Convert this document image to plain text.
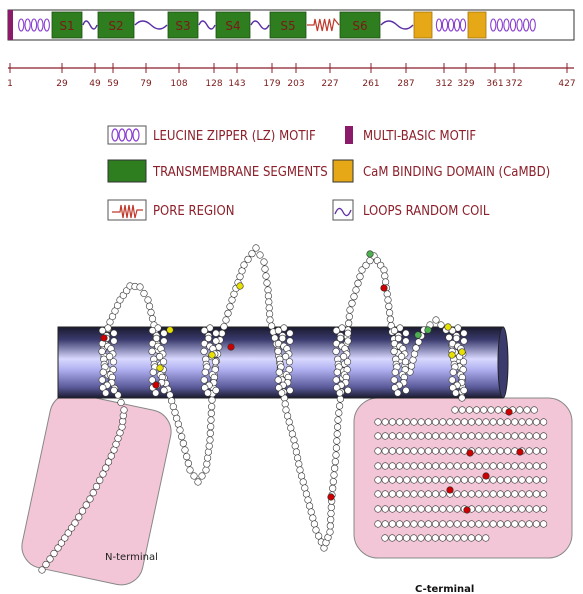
S1	S2	S3	S4	S5	S6
1	29 49 59 79 108 128 143 179 203 227	261 287 312 329 361 372	427
LEUCINE ZIPPER (LZ) MOTIF	MULTI-BASIC MOTIF
TRANSMEMBRANE SEGMENTS	CaM BINDING DOMAIN (CaMBD)
PORE REGION	LOOPS RANDOM COIL
N-terminal
C-terminal
